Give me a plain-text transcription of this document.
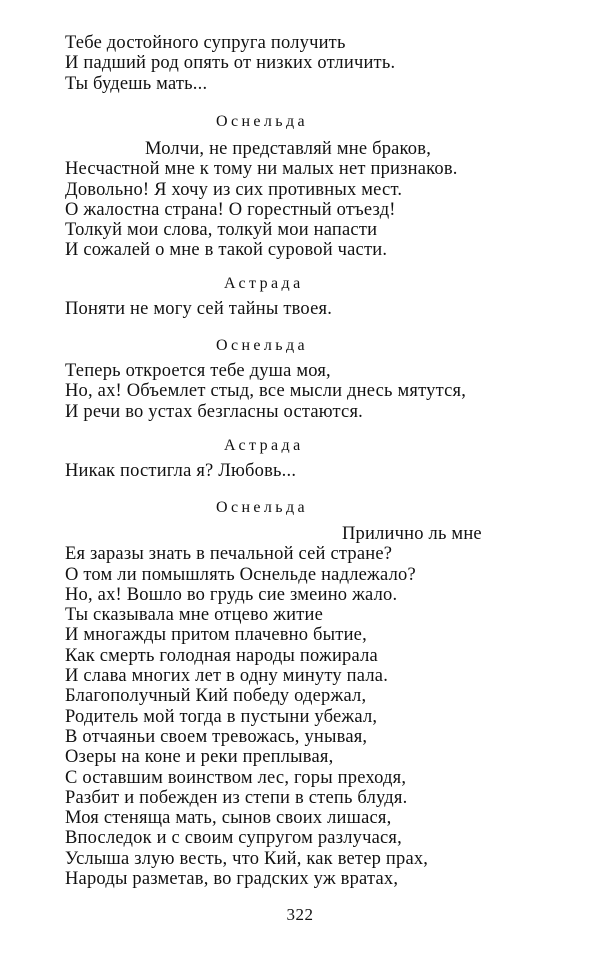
Тебе достойного супруга получить
И падший род опять от низких отличить.
Ты будешь мать...
Оснельда
Молчи, не представляй мне браков,
Несчастной мне к тому ни малых нет признаков.
Довольно! Я хочу из сих противных мест.
О жалостна страна! О горестный отъезд!
Толкуй мои слова, толкуй мои напасти
И сожалей о мне в такой суровой части.
Астрада
Поняти не могу сей тайны твоея.
Оснельда
Теперь откроется тебе душа моя,
Но, ах! Объемлет стыд, все мысли днесь мятутся,
И речи во устах безгласны остаются.
Астрада
Никак постигла я? Любовь...
Оснельда
Прилично ль мне
Ея заразы знать в печальной сей стране?
О том ли помышлять Оснельде надлежало?
Но, ах! Вошло во грудь сие змеино жало.
Ты сказывала мне отцево житие
И многажды притом плачевно бытие,
Как смерть голодная народы пожирала
И слава многих лет в одну минуту пала.
Благополучный Кий победу одержал,
Родитель мой тогда в пустыни убежал,
В отчаяньи своем тревожась, унывая,
Озеры на коне и реки преплывая,
С оставшим воинством лес, горы преходя,
Разбит и побежден из степи в степь блудя.
Моя стеняща мать, сынов своих лишася,
Впоследок и с своим супругом разлучася,
Услыша злую весть, что Кий, как ветер прах,
Народы разметав, во градских уж вратах,
322
